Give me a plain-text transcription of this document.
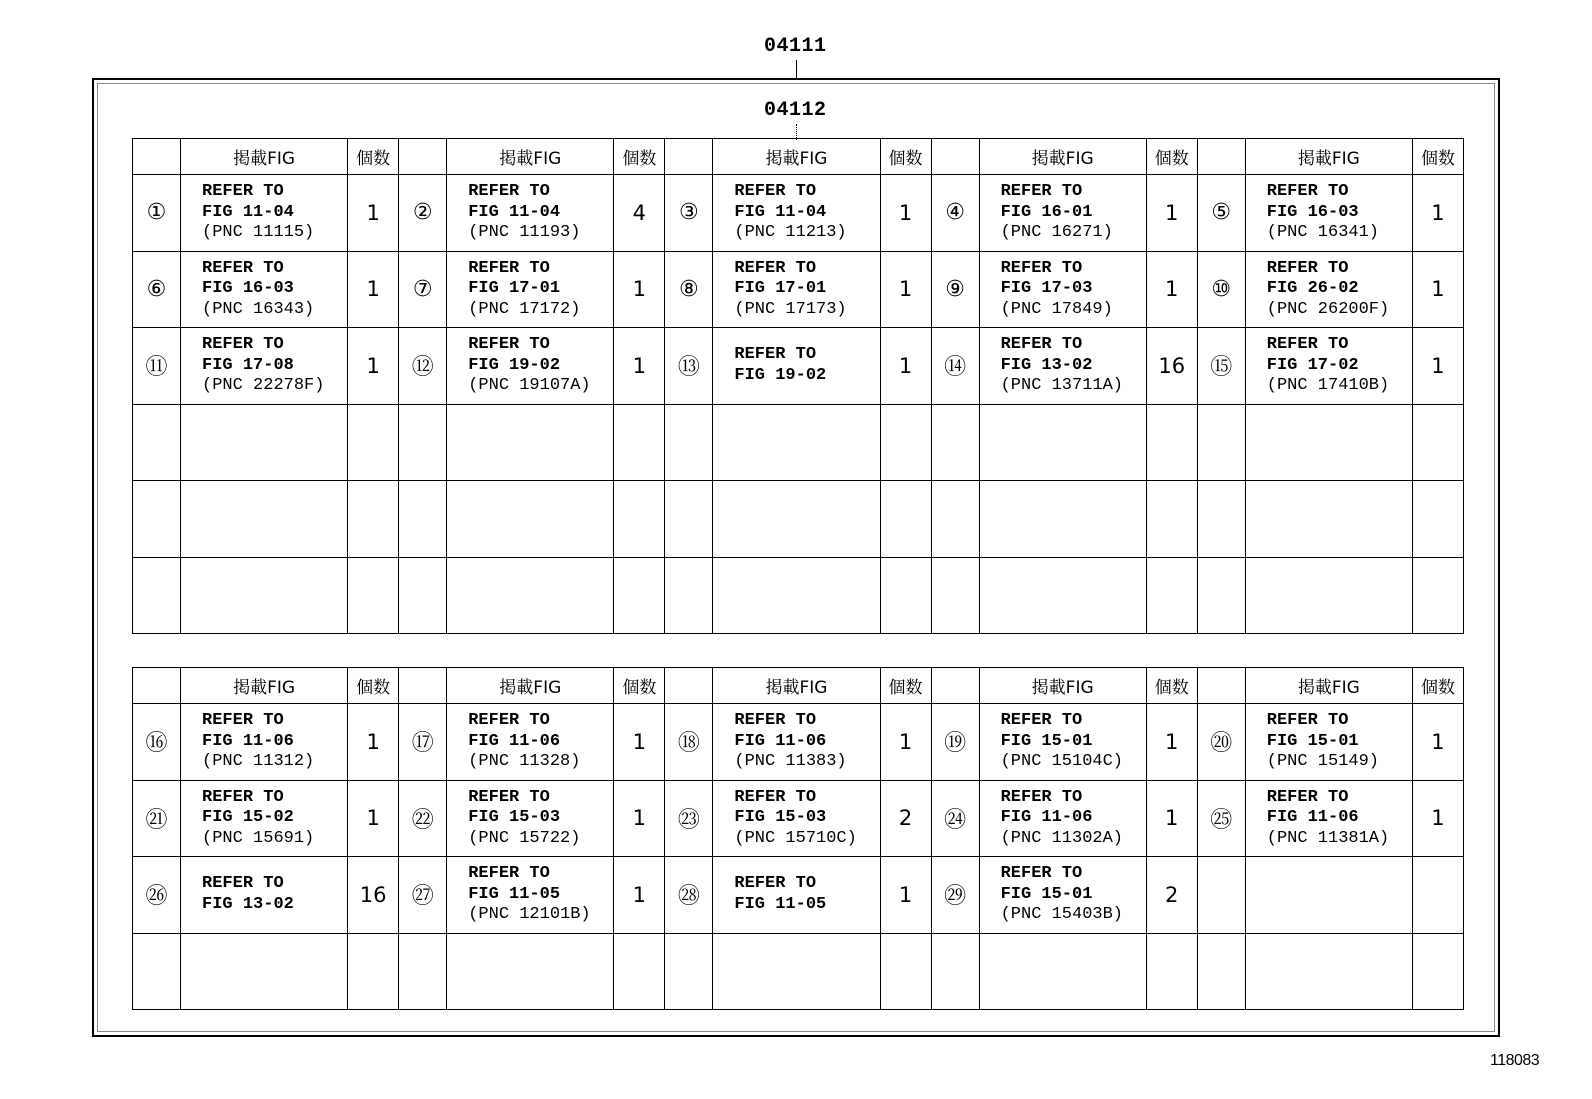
04111
04112
	掲載FIG	個数		掲載FIG	個数		掲載FIG	個数		掲載FIG	個数		掲載FIG	個数
①	REFER TO
FIG 11-04
(PNC 11115)	1	②	REFER TO
FIG 11-04
(PNC 11193)	4	③	REFER TO
FIG 11-04
(PNC 11213)	1	④	REFER TO
FIG 16-01
(PNC 16271)	1	⑤	REFER TO
FIG 16-03
(PNC 16341)	1
⑥	REFER TO
FIG 16-03
(PNC 16343)	1	⑦	REFER TO
FIG 17-01
(PNC 17172)	1	⑧	REFER TO
FIG 17-01
(PNC 17173)	1	⑨	REFER TO
FIG 17-03
(PNC 17849)	1	⑩	REFER TO
FIG 26-02
(PNC 26200F)	1
⑪	REFER TO
FIG 17-08
(PNC 22278F)	1	⑫	REFER TO
FIG 19-02
(PNC 19107A)	1	⑬	REFER TO
FIG 19-02	1	⑭	REFER TO
FIG 13-02
(PNC 13711A)	16	⑮	REFER TO
FIG 17-02
(PNC 17410B)	1

	掲載FIG	個数		掲載FIG	個数		掲載FIG	個数		掲載FIG	個数		掲載FIG	個数
⑯	REFER TO
FIG 11-06
(PNC 11312)	1	⑰	REFER TO
FIG 11-06
(PNC 11328)	1	⑱	REFER TO
FIG 11-06
(PNC 11383)	1	⑲	REFER TO
FIG 15-01
(PNC 15104C)	1	⑳	REFER TO
FIG 15-01
(PNC 15149)	1
㉑	REFER TO
FIG 15-02
(PNC 15691)	1	㉒	REFER TO
FIG 15-03
(PNC 15722)	1	㉓	REFER TO
FIG 15-03
(PNC 15710C)	2	㉔	REFER TO
FIG 11-06
(PNC 11302A)	1	㉕	REFER TO
FIG 11-06
(PNC 11381A)	1
㉖	REFER TO
FIG 13-02	16	㉗	REFER TO
FIG 11-05
(PNC 12101B)	1	㉘	REFER TO
FIG 11-05	1	㉙	REFER TO
FIG 15-01
(PNC 15403B)	2		

118083
